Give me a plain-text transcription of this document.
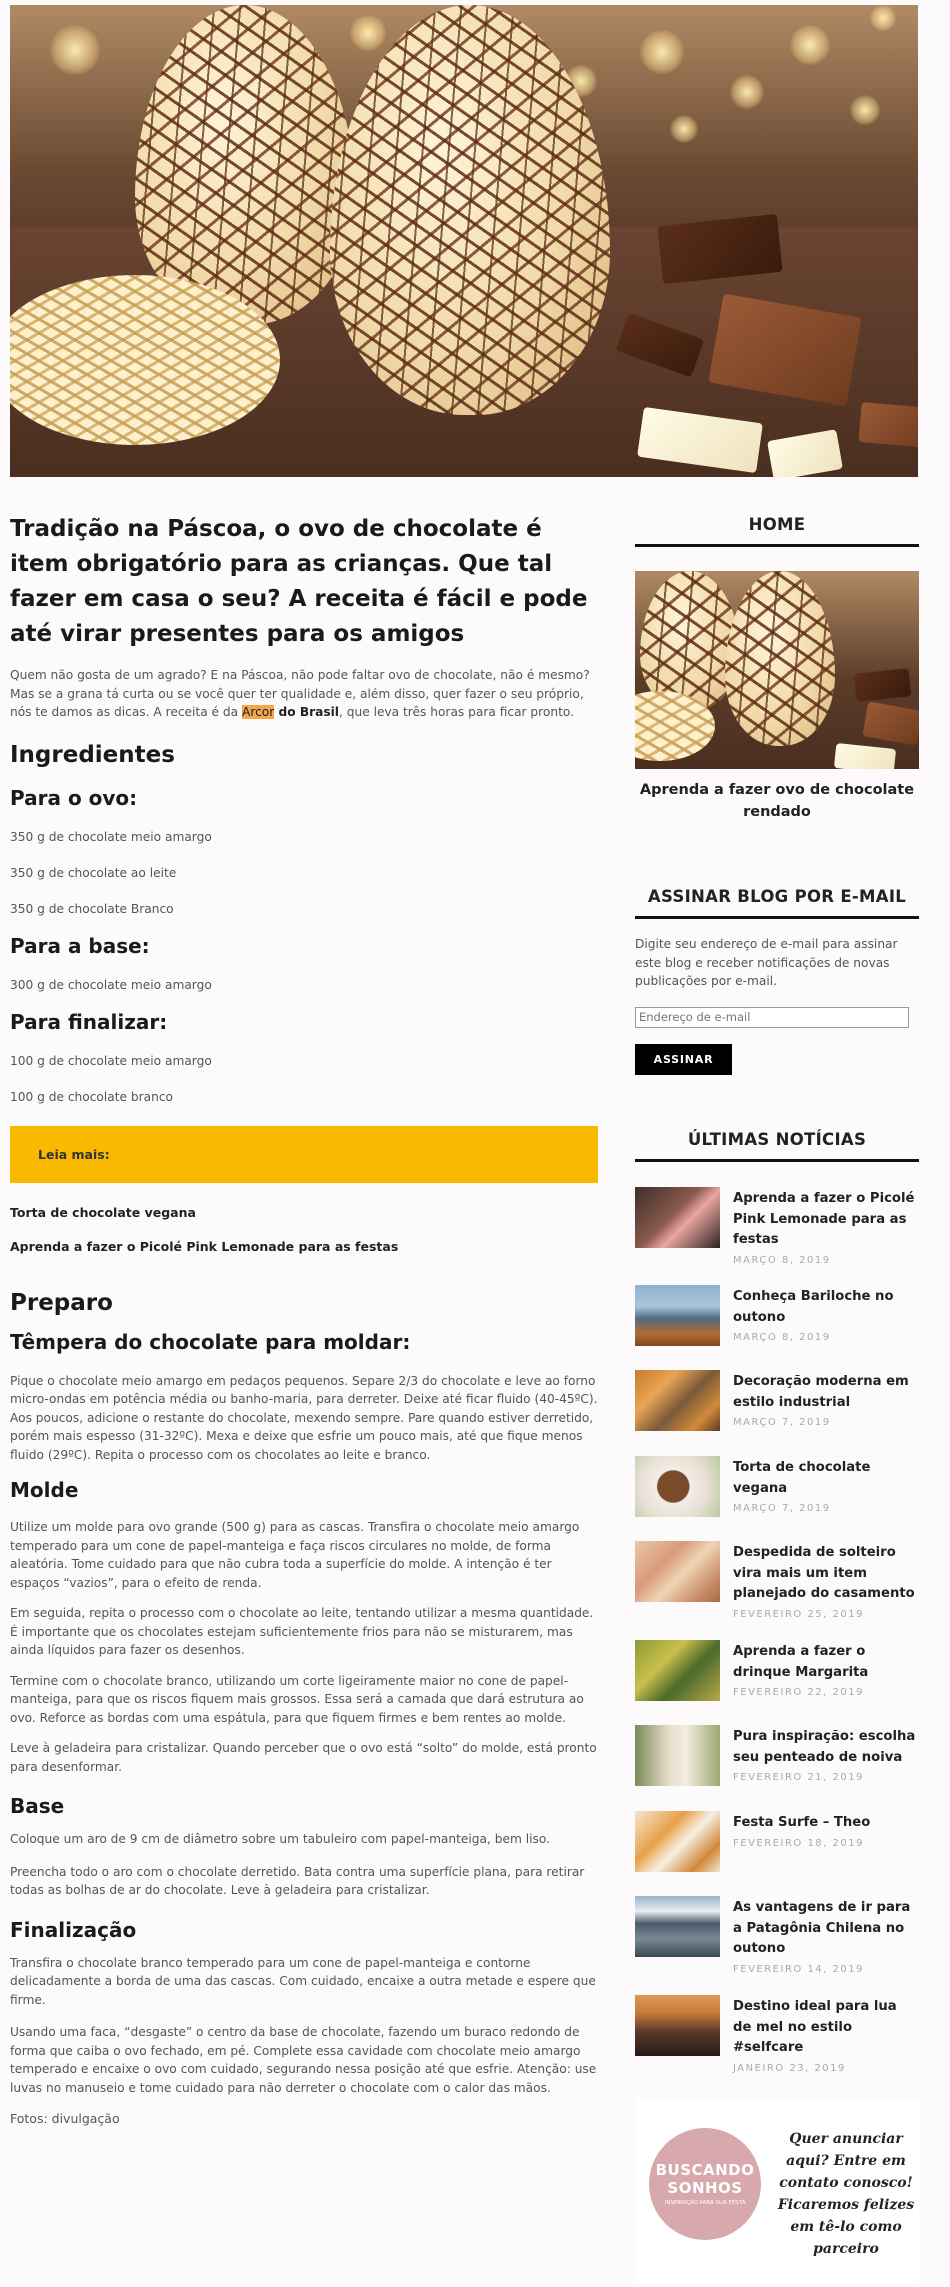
Tradição na Páscoa, o ovo de chocolate é item obrigatório para as crianças. Que tal fazer em casa o seu? A receita é fácil e pode até virar presentes para os amigos

Quem não gosta de um agrado? E na Páscoa, não pode faltar ovo de chocolate, não é mesmo? Mas se a grana tá curta ou se você quer ter qualidade e, além disso, quer fazer o seu próprio, nós te damos as dicas. A receita é da Arcor do Brasil, que leva três horas para ficar pronto.

Ingredientes
Para o ovo:

350 g de chocolate meio amargo

350 g de chocolate ao leite

350 g de chocolate Branco

Para a base:

300 g de chocolate meio amargo

Para finalizar:

100 g de chocolate meio amargo

100 g de chocolate branco

Leia mais:

Torta de chocolate vegana

Aprenda a fazer o Picolé Pink Lemonade para as festas

Preparo
Têmpera do chocolate para moldar:

Pique o chocolate meio amargo em pedaços pequenos. Separe 2/3 do chocolate e leve ao forno micro-ondas em potência média ou banho-maria, para derreter. Deixe até ficar fluido (40-45ºC). Aos poucos, adicione o restante do chocolate, mexendo sempre. Pare quando estiver derretido, porém mais espesso (31-32ºC). Mexa e deixe que esfrie um pouco mais, até que fique menos fluido (29ºC). Repita o processo com os chocolates ao leite e branco.

Molde

Utilize um molde para ovo grande (500 g) para as cascas. Transfira o chocolate meio amargo temperado para um cone de papel-manteiga e faça riscos circulares no molde, de forma aleatória. Tome cuidado para que não cubra toda a superfície do molde. A intenção é ter espaços “vazios”, para o efeito de renda.

Em seguida, repita o processo com o chocolate ao leite, tentando utilizar a mesma quantidade. É importante que os chocolates estejam suficientemente frios para não se misturarem, mas ainda líquidos para fazer os desenhos.

Termine com o chocolate branco, utilizando um corte ligeiramente maior no cone de papel-manteiga, para que os riscos fiquem mais grossos. Essa será a camada que dará estrutura ao ovo. Reforce as bordas com uma espátula, para que fiquem firmes e bem rentes ao molde.

Leve à geladeira para cristalizar. Quando perceber que o ovo está “solto” do molde, está pronto para desenformar.

Base

Coloque um aro de 9 cm de diâmetro sobre um tabuleiro com papel-manteiga, bem liso.

Preencha todo o aro com o chocolate derretido. Bata contra uma superfície plana, para retirar todas as bolhas de ar do chocolate. Leve à geladeira para cristalizar.

Finalização

Transfira o chocolate branco temperado para um cone de papel-manteiga e contorne delicadamente a borda de uma das cascas. Com cuidado, encaixe a outra metade e espere que firme.

Usando uma faca, “desgaste” o centro da base de chocolate, fazendo um buraco redondo de forma que caiba o ovo fechado, em pé. Complete essa cavidade com chocolate meio amargo temperado e encaixe o ovo com cuidado, segurando nessa posição até que esfrie. Atenção: use luvas no manuseio e tome cuidado para não derreter o chocolate com o calor das mãos.

Fotos: divulgação

HOME
Aprenda a fazer ovo de chocolate rendado
ASSINAR BLOG POR E-MAIL

Digite seu endereço de e-mail para assinar este blog e receber notificações de novas publicações por e-mail.

Endereço de e-mail
ASSINAR
ÚLTIMAS NOTÍCIAS
Aprenda a fazer o Picolé Pink Lemonade para as festas
MARÇO 8, 2019
Conheça Bariloche no outono
MARÇO 8, 2019
Decoração moderna em estilo industrial
MARÇO 7, 2019
Torta de chocolate vegana
MARÇO 7, 2019
Despedida de solteiro vira mais um item planejado do casamento
FEVEREIRO 25, 2019
Aprenda a fazer o drinque Margarita
FEVEREIRO 22, 2019
Pura inspiração: escolha seu penteado de noiva
FEVEREIRO 21, 2019
Festa Surfe – Theo
FEVEREIRO 18, 2019
As vantagens de ir para a Patagônia Chilena no outono
FEVEREIRO 14, 2019
Destino ideal para lua de mel no estilo #selfcare
JANEIRO 23, 2019
BUSCANDO
SONHOS
INSPIRAÇÃO PARA SUA FESTA
Quer anunciar aqui? Entre em contato conosco! Ficaremos felizes em tê-lo como parceiro
